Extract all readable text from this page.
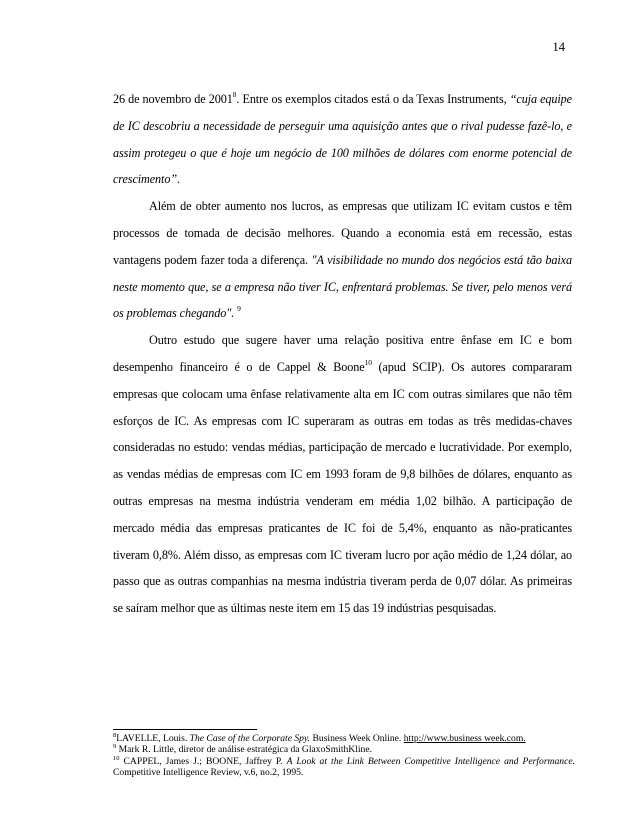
14

26 de novembro de 2001$^8$. Entre os exemplos citados está o da Texas Instruments, “cuja equipe de IC descobriu a necessidade de perseguir uma aquisição antes que o rival pudesse fazê-lo, e assim protegeu o que é hoje um negócio de 100 milhões de dólares com enorme potencial de crescimento”.

Além de obter aumento nos lucros, as empresas que utilizam IC evitam custos e têm processos de tomada de decisão melhores. Quando a economia está em recessão, estas vantagens podem fazer toda a diferença. "A visibilidade no mundo dos negócios está tão baixa neste momento que, se a empresa não tiver IC, enfrentará problemas. Se tiver, pelo menos verá os problemas chegando". $^9$

Outro estudo que sugere haver uma relação positiva entre ênfase em IC e bom desempenho financeiro é o de Cappel & Boone$^{10}$ (apud SCIP). Os autores compararam empresas que colocam uma ênfase relativamente alta em IC com outras similares que não têm esforços de IC. As empresas com IC superaram as outras em todas as três medidas-chaves consideradas no estudo: vendas médias, participação de mercado e lucratividade. Por exemplo, as vendas médias de empresas com IC em 1993 foram de 9,8 bilhões de dólares, enquanto as outras empresas na mesma indústria venderam em média 1,02 bilhão. A participação de mercado média das empresas praticantes de IC foi de 5,4%, enquanto as não-praticantes tiveram 0,8%. Além disso, as empresas com IC tiveram lucro por ação médio de 1,24 dólar, ao passo que as outras companhias na mesma indústria tiveram perda de 0,07 dólar. As primeiras se saíram melhor que as últimas neste item em 15 das 19 indústrias pesquisadas.

$^8$LAVELLE, Louis. The Case of the Corporate Spy. Business Week Online. http://www.business week.com.

$^9$ Mark R. Little, diretor de análise estratégica da GlaxoSmithKline.

$^{10}$ CAPPEL, James J.; BOONE, Jaffrey P. A Look at the Link Between Competitive Intelligence and Performance. Competitive Intelligence Review, v.6, no.2, 1995.
